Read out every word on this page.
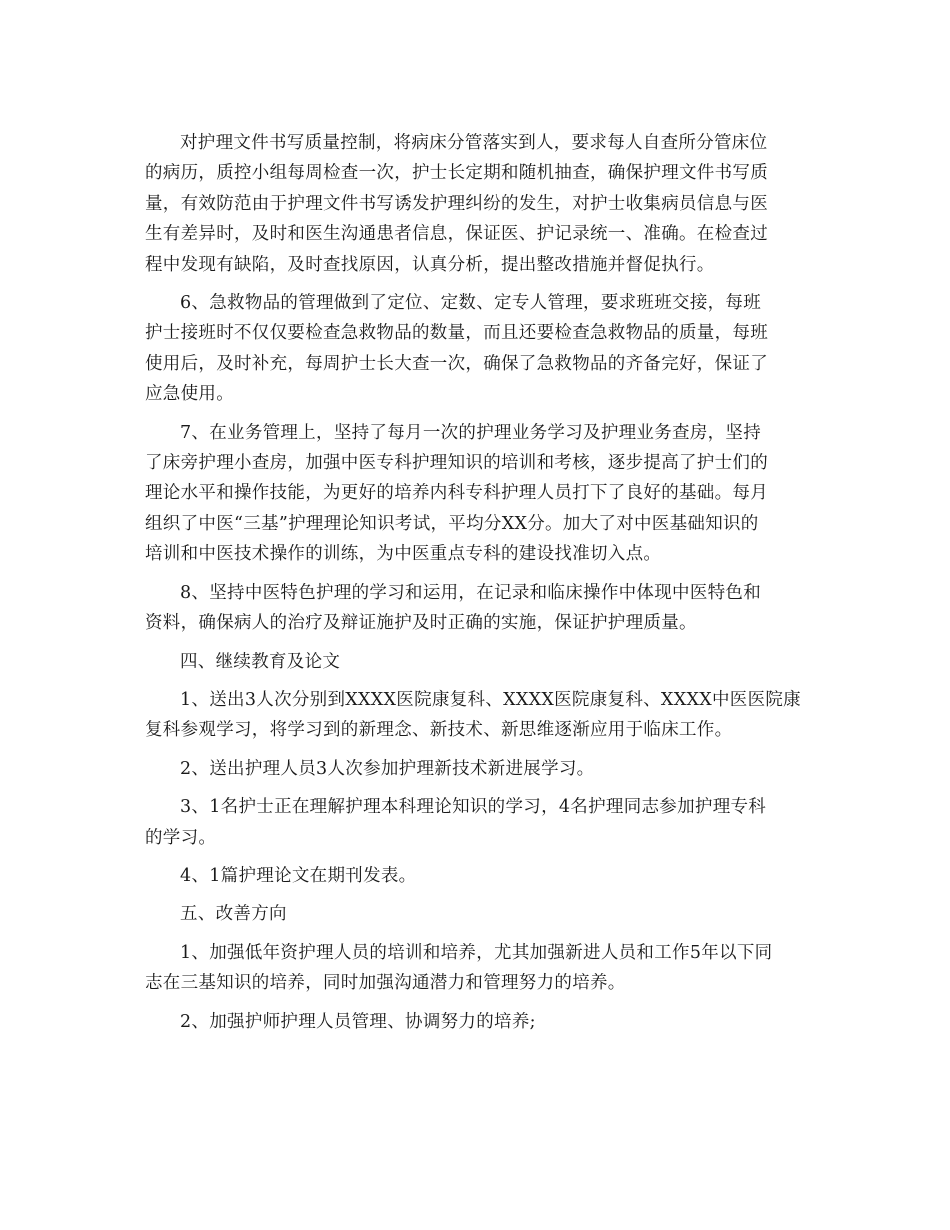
对护理文件书写质量控制，将病床分管落实到人，要求每人自查所分管床位
的病历，质控小组每周检查一次，护士长定期和随机抽查，确保护理文件书写质
量，有效防范由于护理文件书写诱发护理纠纷的发生，对护士收集病员信息与医
生有差异时，及时和医生沟通患者信息，保证医、护记录统一、准确。在检查过
程中发现有缺陷，及时查找原因，认真分析，提出整改措施并督促执行。
6、急救物品的管理做到了定位、定数、定专人管理，要求班班交接，每班
护士接班时不仅仅要检查急救物品的数量，而且还要检查急救物品的质量，每班
使用后，及时补充，每周护士长大查一次，确保了急救物品的齐备完好，保证了
应急使用。
7、在业务管理上，坚持了每月一次的护理业务学习及护理业务查房，坚持
了床旁护理小查房，加强中医专科护理知识的培训和考核，逐步提高了护士们的
理论水平和操作技能，为更好的培养内科专科护理人员打下了良好的基础。每月
组织了中医“三基”护理理论知识考试，平均分XX分。加大了对中医基础知识的
培训和中医技术操作的训练，为中医重点专科的建设找准切入点。
8、坚持中医特色护理的学习和运用，在记录和临床操作中体现中医特色和
资料，确保病人的治疗及辩证施护及时正确的实施，保证护护理质量。
四、继续教育及论文
1、送出3人次分别到XXXX医院康复科、XXXX医院康复科、XXXX中医医院康
复科参观学习，将学习到的新理念、新技术、新思维逐渐应用于临床工作。
2、送出护理人员3人次参加护理新技术新进展学习。
3、1名护士正在理解护理本科理论知识的学习，4名护理同志参加护理专科
的学习。
4、1篇护理论文在期刊发表。
五、改善方向
1、加强低年资护理人员的培训和培养，尤其加强新进人员和工作5年以下同
志在三基知识的培养，同时加强沟通潜力和管理努力的培养。
2、加强护师护理人员管理、协调努力的培养;
